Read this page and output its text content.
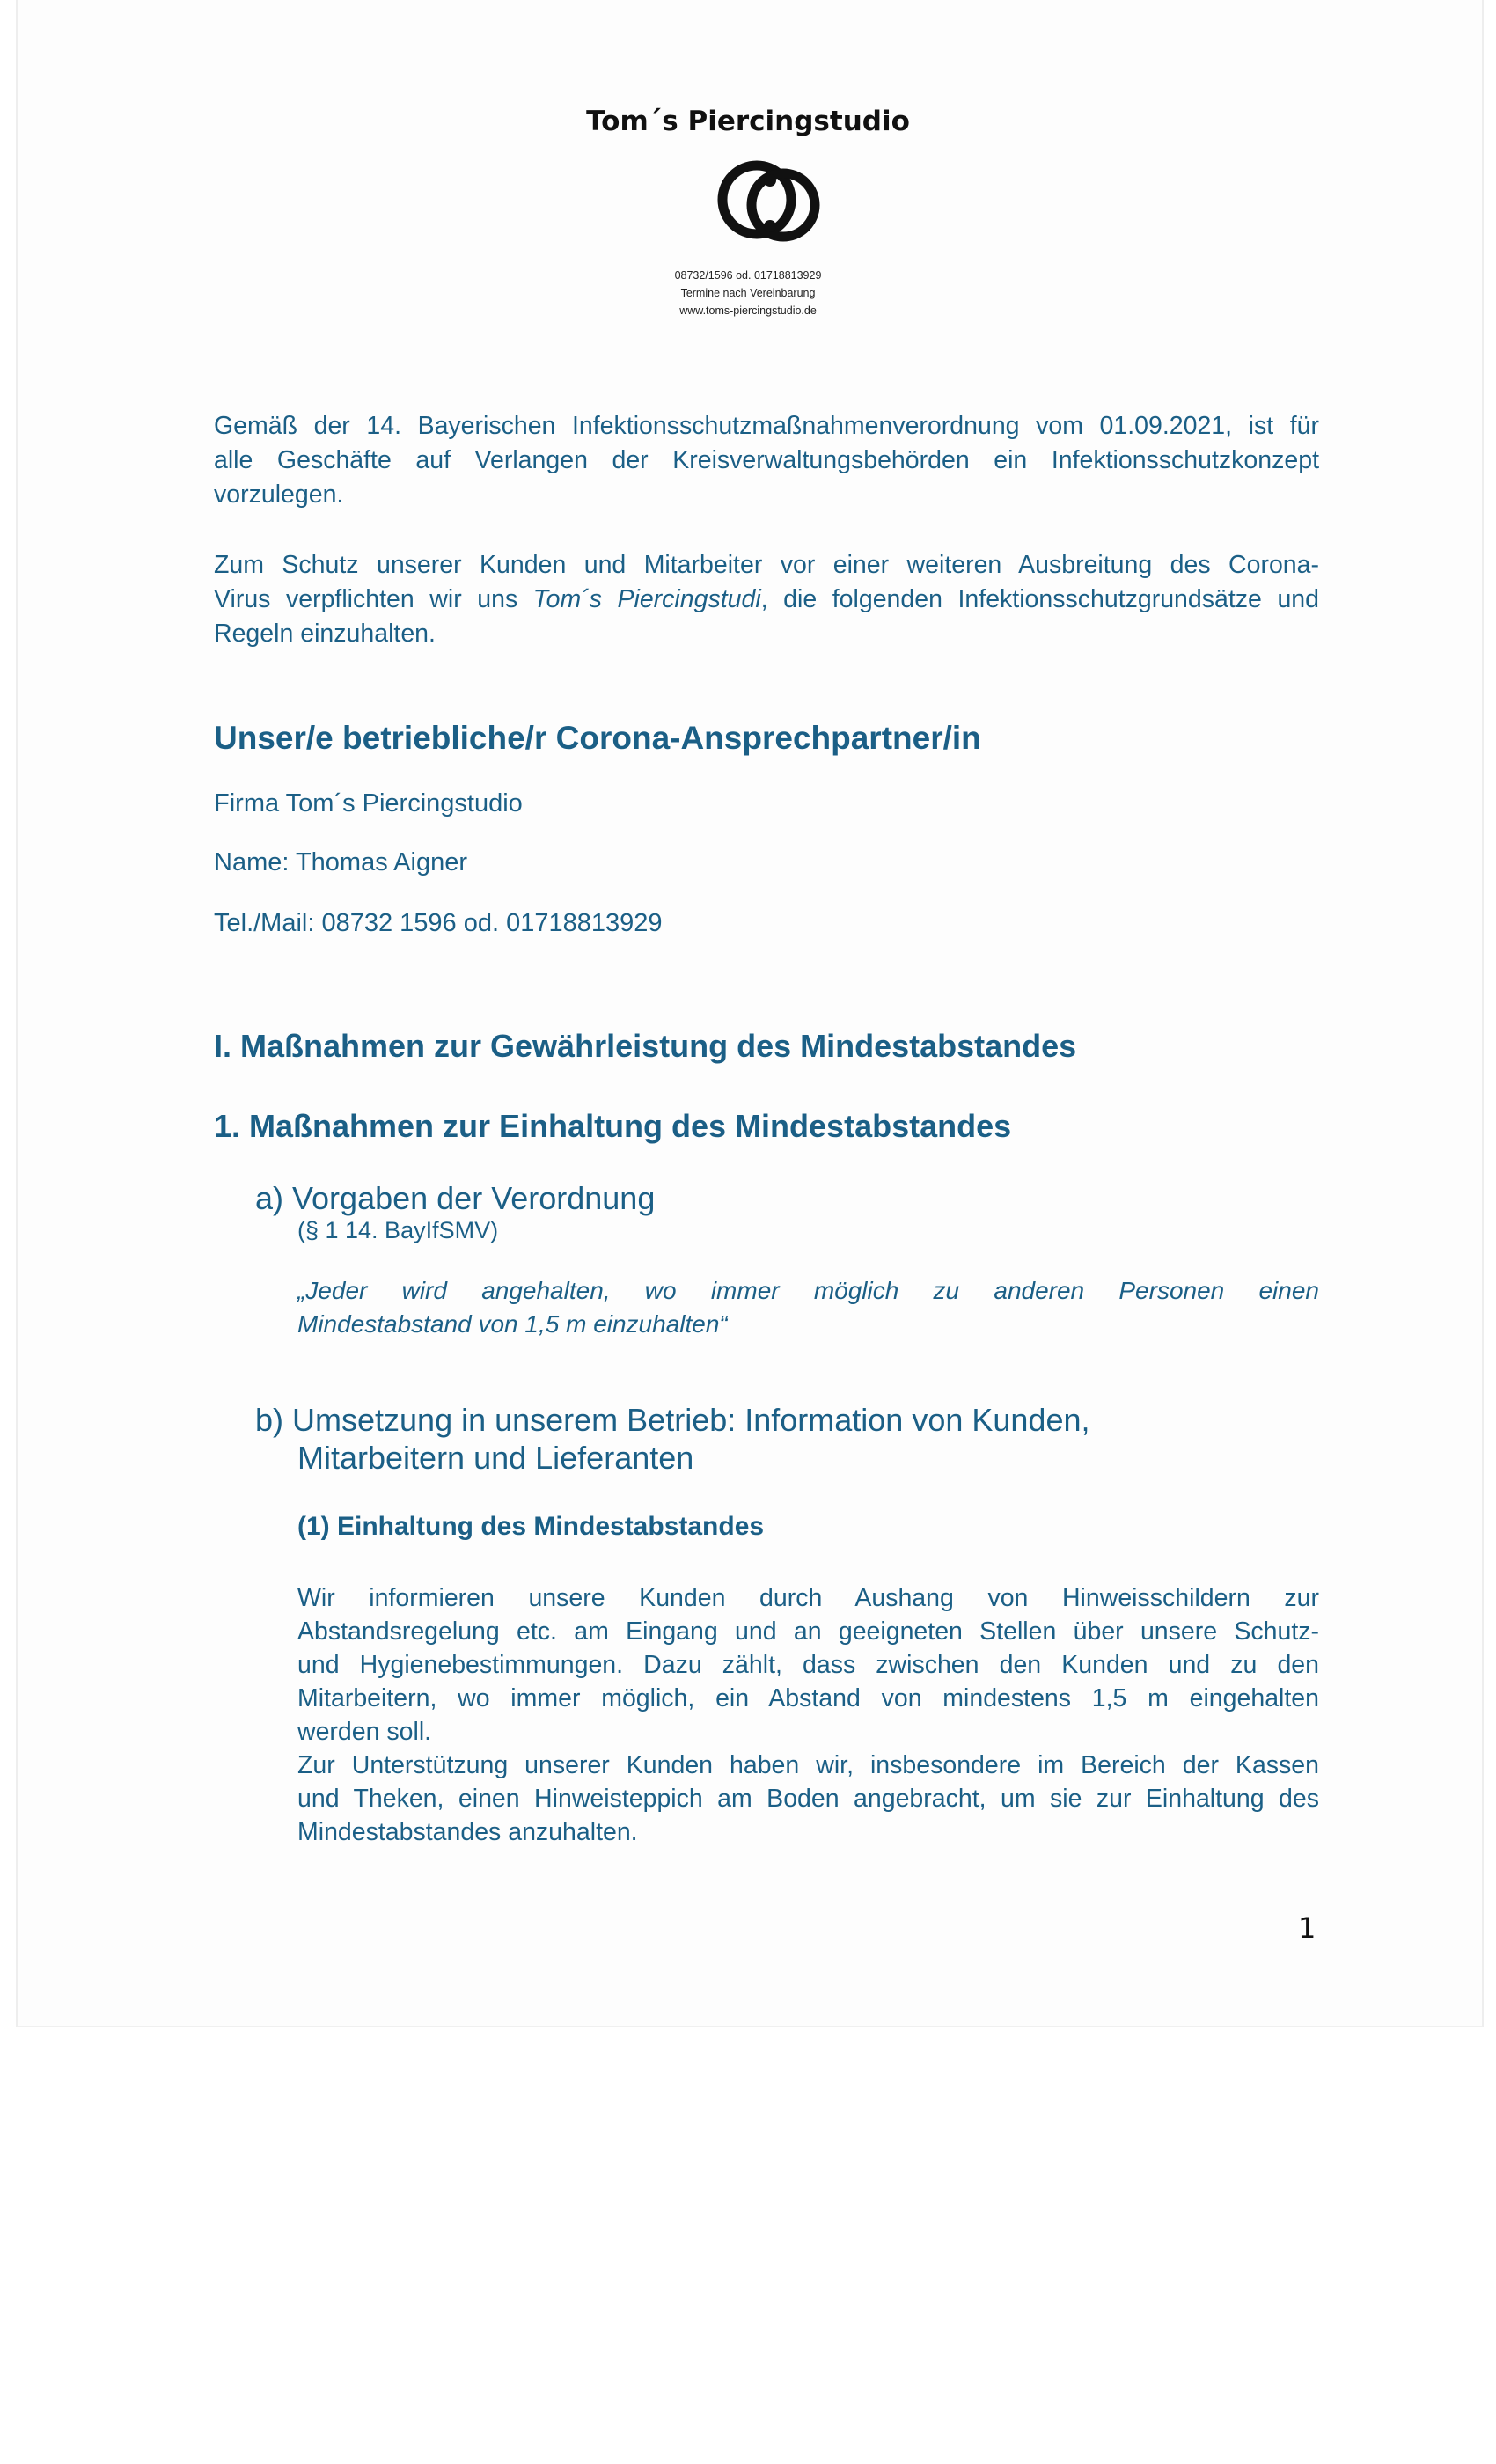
Tom´s Piercingstudio
08732/1596 od. 01718813929
Termine nach Vereinbarung
www.toms-piercingstudio.de
Gemäß der 14. Bayerischen Infektionsschutzmaßnahmenverordnung vom 01.09.2021, ist für
alle Geschäfte auf Verlangen der Kreisverwaltungsbehörden ein Infektionsschutzkonzept
vorzulegen.
Zum Schutz unserer Kunden und Mitarbeiter vor einer weiteren Ausbreitung des Corona-
Virus verpflichten wir uns Tom´s Piercingstudi, die folgenden Infektionsschutzgrundsätze und
Regeln einzuhalten.
Unser/e betriebliche/r Corona-Ansprechpartner/in
Firma Tom´s Piercingstudio
Name: Thomas Aigner
Tel./Mail: 08732 1596 od. 01718813929
I. Maßnahmen zur Gewährleistung des Mindestabstandes
1. Maßnahmen zur Einhaltung des Mindestabstandes
a) Vorgaben der Verordnung
(§ 1 14. BayIfSMV)
„Jeder wird angehalten, wo immer möglich zu anderen Personen einen
Mindestabstand von 1,5 m einzuhalten“
b) Umsetzung in unserem Betrieb: Information von Kunden,
Mitarbeitern und Lieferanten
(1) Einhaltung des Mindestabstandes
Wir informieren unsere Kunden durch Aushang von Hinweisschildern zur
Abstandsregelung etc. am Eingang und an geeigneten Stellen über unsere Schutz-
und Hygienebestimmungen. Dazu zählt, dass zwischen den Kunden und zu den
Mitarbeitern, wo immer möglich, ein Abstand von mindestens 1,5 m eingehalten
werden soll.
Zur Unterstützung unserer Kunden haben wir, insbesondere im Bereich der Kassen
und Theken, einen Hinweisteppich am Boden angebracht, um sie zur Einhaltung des
Mindestabstandes anzuhalten.
1
